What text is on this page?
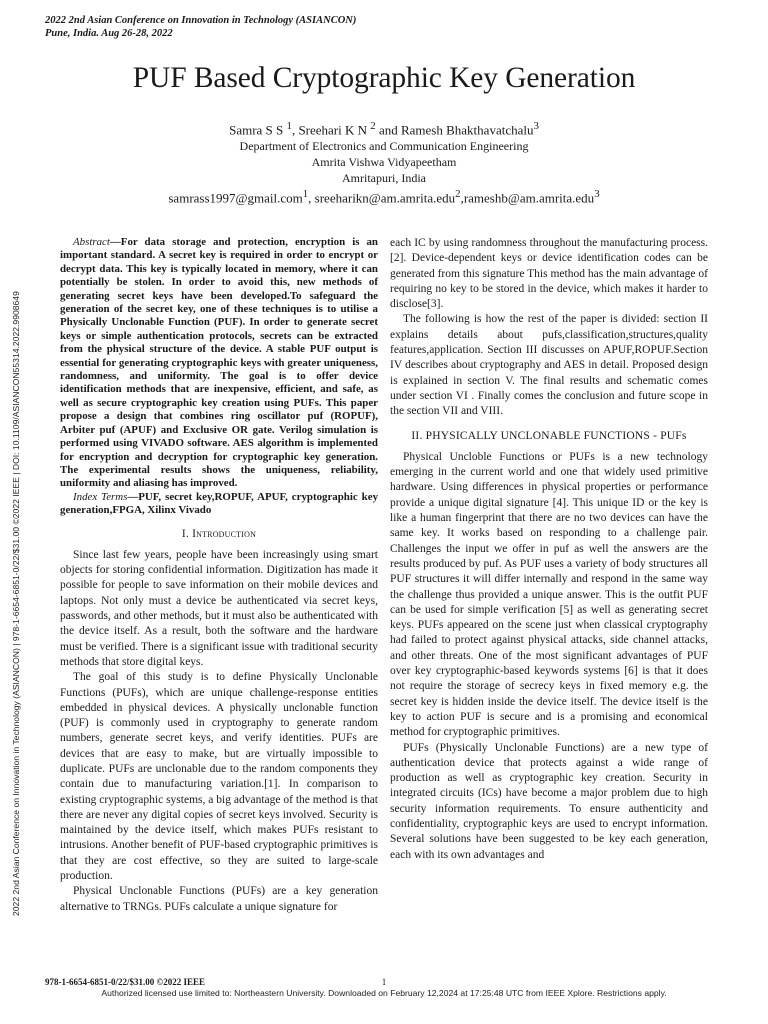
2022 2nd Asian Conference on Innovation in Technology (ASIANCON)
Pune, India. Aug 26-28, 2022
PUF Based Cryptographic Key Generation
Samra S S $^1$, Sreehari K N $^2$ and Ramesh Bhakthavatchalu$^3$
Department of Electronics and Communication Engineering
Amrita Vishwa Vidyapeetham
Amritapuri, India
samrass1997@gmail.com$^1$, sreeharikn@am.amrita.edu$^2$,rameshb@am.amrita.edu$^3$
2022 2nd Asian Conference on Innovation in Technology (ASIANCON) | 978-1-6654-6851-0/22/$31.00 ©2022 IEEE | DOI: 10.1109/ASIANCON55314.2022.9908649

Abstract—For data storage and protection, encryption is an important standard. A secret key is required in order to encrypt or decrypt data. This key is typically located in memory, where it can potentially be stolen. In order to avoid this, new methods of generating secret keys have been developed.To safeguard the generation of the secret key, one of these techniques is to utilise a Physically Unclonable Function (PUF). In order to generate secret keys or simple authentication protocols, secrets can be extracted from the physical structure of the device. A stable PUF output is essential for generating cryptographic keys with greater uniqueness, randomness, and uniformity. The goal is to offer device identification methods that are inexpensive, efficient, and safe, as well as secure cryptographic key creation using PUFs. This paper propose a design that combines ring oscillator puf (ROPUF), Arbiter puf (APUF) and Exclusive OR gate. Verilog simulation is performed using VIVADO software. AES algorithm is implemented for encryption and decryption for cryptographic key generation. The experimental results shows the uniqueness, reliability, uniformity and aliasing has improved.

Index Terms—PUF, secret key,ROPUF, APUF, cryptographic key generation,FPGA, Xilinx Vivado

I. Introduction

Since last few years, people have been increasingly using smart objects for storing confidential information. Digitization has made it possible for people to save information on their mobile devices and laptops. Not only must a device be authenticated via secret keys, passwords, and other methods, but it must also be authenticated with the device itself. As a result, both the software and the hardware must be verified. There is a significant issue with traditional security methods that store digital keys.

The goal of this study is to define Physically Unclonable Functions (PUFs), which are unique challenge-response entities embedded in physical devices. A physically unclonable function (PUF) is commonly used in cryptography to generate random numbers, generate secret keys, and verify identities. PUFs are devices that are easy to make, but are virtually impossible to duplicate. PUFs are unclonable due to the random components they contain due to manufacturing variation.[1]. In comparison to existing cryptographic systems, a big advantage of the method is that there are never any digital copies of secret keys involved. Security is maintained by the device itself, which makes PUFs resistant to intrusions. Another benefit of PUF-based cryptographic primitives is that they are cost effective, so they are suited to large-scale production.

Physical Unclonable Functions (PUFs) are a key generation alternative to TRNGs. PUFs calculate a unique signature for

each IC by using randomness throughout the manufacturing process. [2]. Device-dependent keys or device identification codes can be generated from this signature This method has the main advantage of requiring no key to be stored in the device, which makes it harder to disclose[3].

The following is how the rest of the paper is divided: section II explains details about pufs,classification,structures,quality features,application. Section III discusses on APUF,ROPUF.Section IV describes about cryptography and AES in detail. Proposed design is explained in section V. The final results and schematic comes under section VI . Finally comes the conclusion and future scope in the section VII and VIII.

II. PHYSICALLY UNCLONABLE FUNCTIONS - PUFs

Physical Uncloble Functions or PUFs is a new technology emerging in the current world and one that widely used primitive hardware. Using differences in physical properties or performance provide a unique digital signature [4]. This unique ID or the key is like a human fingerprint that there are no two devices can have the same key. It works based on responding to a challenge pair. Challenges the input we offer in puf as well the answers are the results produced by puf. As PUF uses a variety of body structures all PUF structures it will differ internally and respond in the same way the challenge thus provided a unique answer. This is the outfit PUF can be used for simple verification [5] as well as generating secret keys. PUFs appeared on the scene just when classical cryptography had failed to protect against physical attacks, side channel attacks, and other threats. One of the most significant advantages of PUF over key cryptographic-based keywords systems [6] is that it does not require the storage of secrecy keys in fixed memory e.g. the secret key is hidden inside the device itself. The device itself is the key to action PUF is secure and is a promising and economical method for cryptographic primitives.

PUFs (Physically Unclonable Functions) are a new type of authentication device that protects against a wide range of production as well as cryptographic key creation. Security in integrated circuits (ICs) have become a major problem due to high security information requirements. To ensure authenticity and confidentiality, cryptographic keys are used to encrypt information. Several solutions have been suggested to be key each generation, each with its own advantages and

978-1-6654-6851-0/22/$31.00 ©2022 IEEE	1
Authorized licensed use limited to: Northeastern University. Downloaded on February 12,2024 at 17:25:48 UTC from IEEE Xplore. Restrictions apply.
